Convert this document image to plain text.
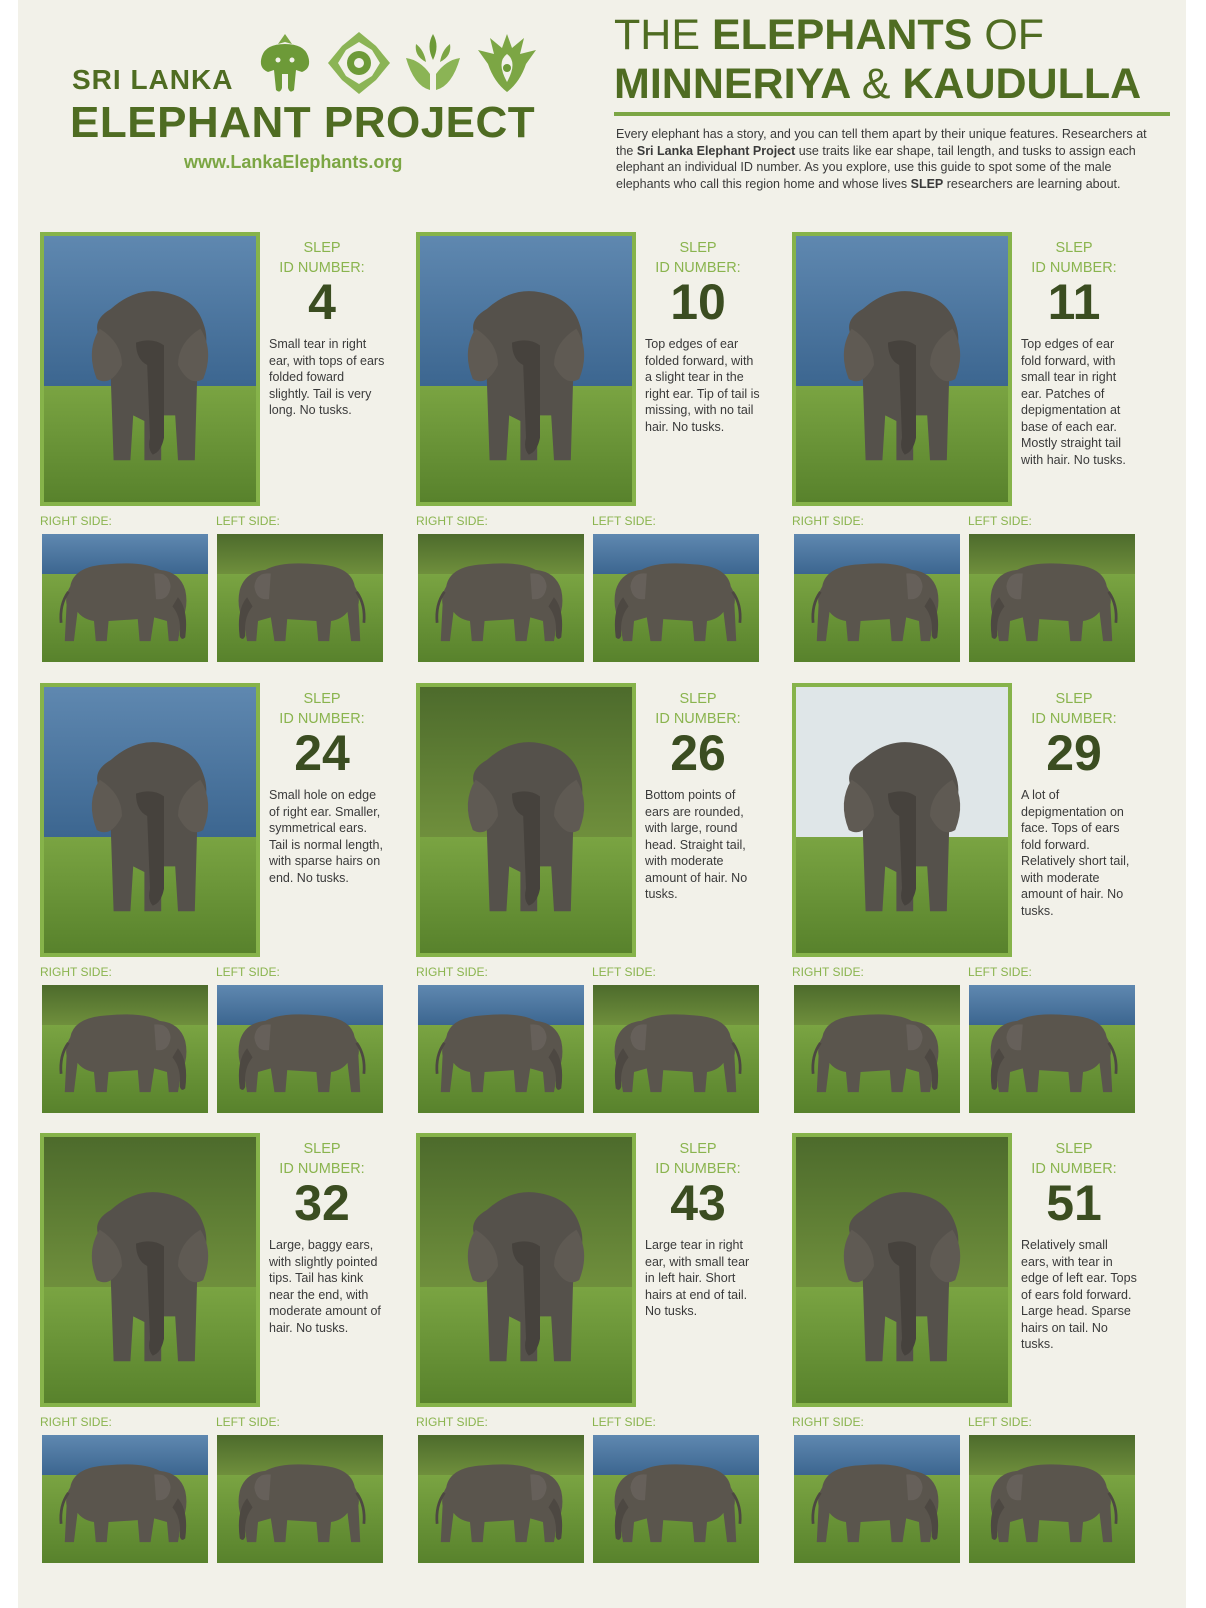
SRI LANKA
ELEPHANT PROJECT
www.LankaElephants.org
THE ELEPHANTS OF
MINNERIYA & KAUDULLA
Every elephant has a story, and you can tell them apart by their unique features. Researchers at the Sri Lanka Elephant Project use traits like ear shape, tail length, and tusks to assign each elephant an individual ID number. As you explore, use this guide to spot some of the male elephants who call this region home and whose lives SLEP researchers are learning about.
SLEP
ID NUMBER:
4
Small tear in right ear, with tops of ears folded foward slightly. Tail is very long. No tusks.
RIGHT SIDE:	LEFT SIDE:
SLEP
ID NUMBER:
10
Top edges of ear folded forward, with a slight tear in the right ear. Tip of tail is missing, with no tail hair. No tusks.
RIGHT SIDE:	LEFT SIDE:
SLEP
ID NUMBER:
11
Top edges of ear fold forward, with small tear in right ear. Patches of depigmentation at base of each ear. Mostly straight tail with hair. No tusks.
RIGHT SIDE:	LEFT SIDE:
SLEP
ID NUMBER:
24
Small hole on edge of right ear. Smaller, symmetrical ears. Tail is normal length, with sparse hairs on end. No tusks.
RIGHT SIDE:	LEFT SIDE:
SLEP
ID NUMBER:
26
Bottom points of ears are rounded, with large, round head. Straight tail, with moderate amount of hair. No tusks.
RIGHT SIDE:	LEFT SIDE:
SLEP
ID NUMBER:
29
A lot of depigmentation on face. Tops of ears fold forward. Relatively short tail, with moderate amount of hair. No tusks.
RIGHT SIDE:	LEFT SIDE:
SLEP
ID NUMBER:
32
Large, baggy ears, with slightly pointed tips. Tail has kink near the end, with moderate amount of hair. No tusks.
RIGHT SIDE:	LEFT SIDE:
SLEP
ID NUMBER:
43
Large tear in right ear, with small tear in left hair. Short hairs at end of tail. No tusks.
RIGHT SIDE:	LEFT SIDE:
SLEP
ID NUMBER:
51
Relatively small ears, with tear in edge of left ear. Tops of ears fold forward. Large head. Sparse hairs on tail. No tusks.
RIGHT SIDE:	LEFT SIDE:
